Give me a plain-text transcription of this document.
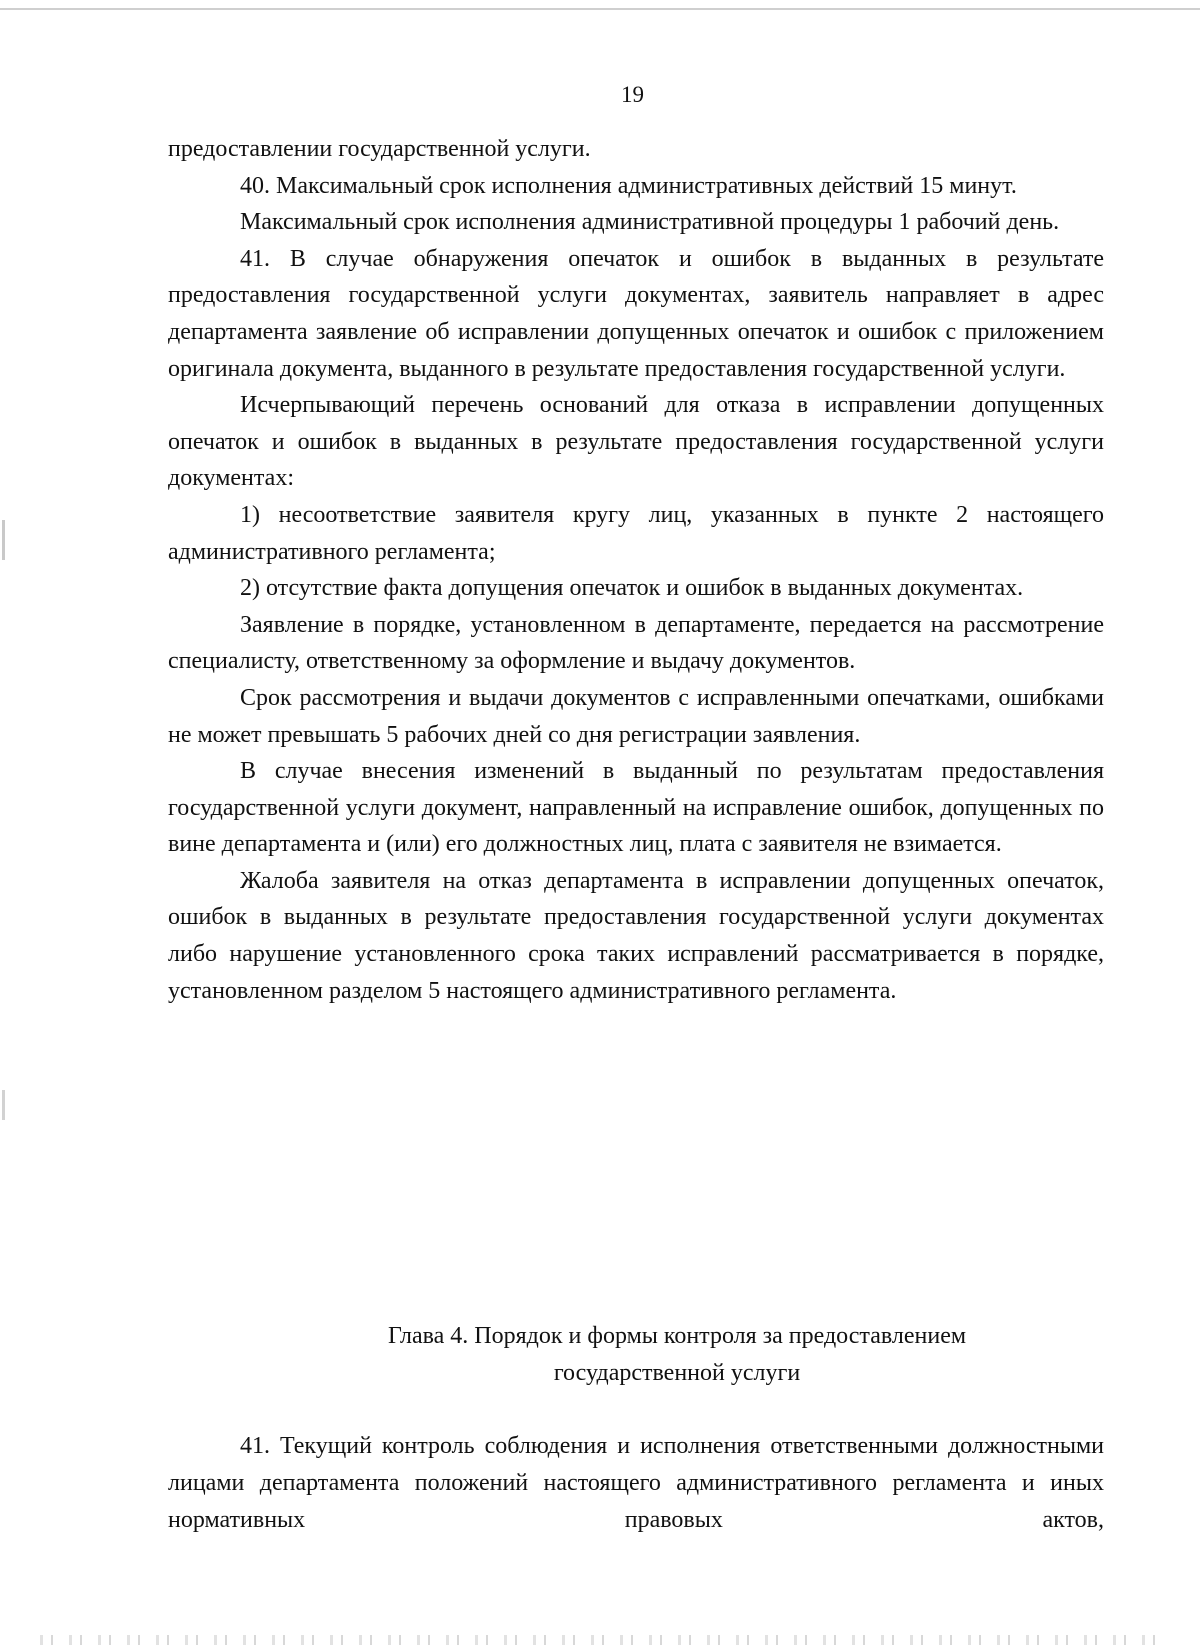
19

предоставлении государственной услуги.

40. Максимальный срок исполнения административных действий 15 минут.

Максимальный срок исполнения административной процедуры 1 рабочий день.

41. В случае обнаружения опечаток и ошибок в выданных в результате предоставления государственной услуги документах, заявитель направляет в адрес департамента заявление об исправлении допущенных опечаток и ошибок с приложением оригинала документа, выданного в результате предоставления государственной услуги.

Исчерпывающий перечень оснований для отказа в исправлении допущенных опечаток и ошибок в выданных в результате предоставления государственной услуги документах:

1) несоответствие заявителя кругу лиц, указанных в пункте 2 настоящего административного регламента;

2) отсутствие факта допущения опечаток и ошибок в выданных документах.

Заявление в порядке, установленном в департаменте, передается на рассмотрение специалисту, ответственному за оформление и выдачу документов.

Срок рассмотрения и выдачи документов с исправленными опечатками, ошибками не может превышать 5 рабочих дней со дня регистрации заявления.

В случае внесения изменений в выданный по результатам предоставления государственной услуги документ, направленный на исправление ошибок, допущенных по вине департамента и (или) его должностных лиц, плата с заявителя не взимается.

Жалоба заявителя на отказ департамента в исправлении допущенных опечаток, ошибок в выданных в результате предоставления государственной услуги документах либо нарушение установленного срока таких исправлений рассматривается в порядке, установленном разделом 5 настоящего административного регламента.

Глава 4. Порядок и формы контроля за предоставлением
государственной услуги

41. Текущий контроль соблюдения и исполнения ответственными должностными лицами департамента положений настоящего административного регламента и иных нормативных правовых актов,
